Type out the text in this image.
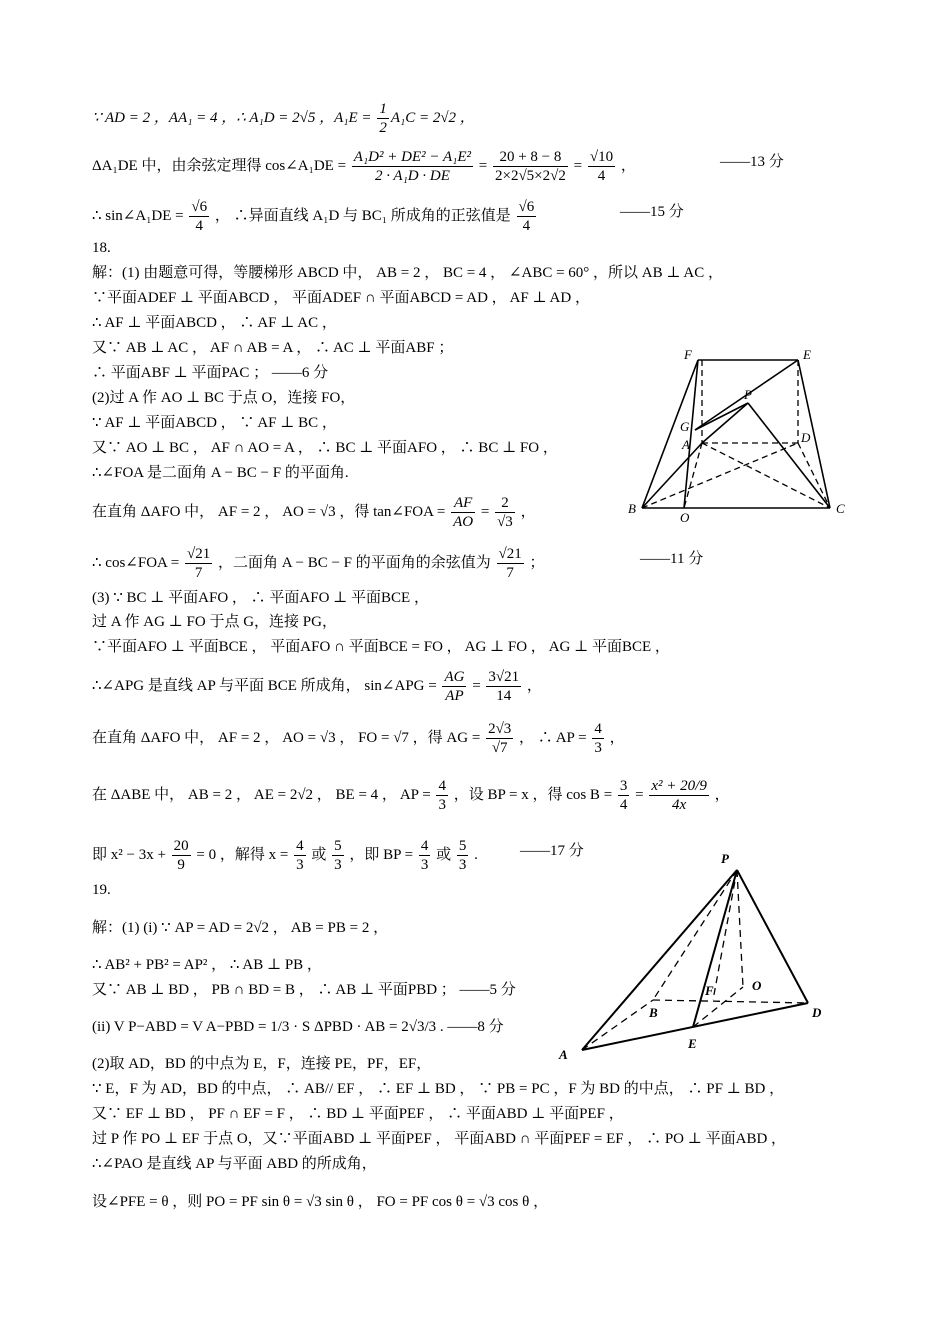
∵ AD = 2 ，AA₁ = 4 ，∴ A₁D = 2√5 ，$A_1E = \frac{1}{2} A_1C = 2√2$ ，
ΔA₁DE 中，由余弦定理得 cos∠A₁DE = $\frac{\text{A₁D² + DE² − A₁E²}}{\text{2 · A₁D · DE}} = \frac{20 + 8 - 8}{2\times 2√5\times 2√2} = \frac{√10}{4}$ ，	——13 分
∴ sin∠A₁DE = $\frac{√6}{4}$ ， ∴异面直线 A₁D 与 BC₁ 所成角的正弦值是 $\frac{√6}{4}$	——15 分
18.
解：(1) 由题意可得，等腰梯形 ABCD 中， AB = 2 ， BC = 4 ， ∠ABC = 60° ，所以 AB ⊥ AC ，
∵平面ADEF ⊥ 平面ABCD ， 平面ADEF ∩ 平面ABCD = AD ， AF ⊥ AD ，
∴ AF ⊥ 平面ABCD ， ∴ AF ⊥ AC ，
又∵ AB ⊥ AC ， AF ∩ AB = A ， ∴ AC ⊥ 平面ABF ；
∴ 平面ABF ⊥ 平面PAC ； ——6 分
(2)过 A 作 AO ⊥ BC 于点 O，连接 FO，
∵ AF ⊥ 平面ABCD ， ∵ AF ⊥ BC ，
又∵ AO ⊥ BC ， AF ∩ AO = A ， ∴ BC ⊥ 平面AFO ， ∴ BC ⊥ FO ，
∴∠FOA 是二面角 A − BC − F 的平面角.
在直角 ΔAFO 中， AF = 2 ， AO = √3 ，得 tan∠FOA = $\frac{AF}{AO} = \frac{2}{√3}$ ，
∴ cos∠FOA = $\frac{√21}{7}$ ，二面角 A − BC − F 的平面角的余弦值为 $\frac{√21}{7}$ ；	——11 分
(3) ∵ BC ⊥ 平面AFO ， ∴ 平面AFO ⊥ 平面BCE ，
过 A 作 AG ⊥ FO 于点 G，连接 PG，
∵平面AFO ⊥ 平面BCE ， 平面AFO ∩ 平面BCE = FO ， AG ⊥ FO ， AG ⊥ 平面BCE ，
∴∠APG 是直线 AP 与平面 BCE 所成角， sin∠APG = $\frac{AG}{AP} = \frac{3√21}{14}$ ，
在直角 ΔAFO 中， AF = 2 ， AO = √3 ， FO = √7 ，得 AG = $\frac{2√3}{√7}$ ， ∴ AP = $\frac{4}{3}$ ，
在 ΔABE 中， AB = 2 ， AE = 2√2 ， BE = 4 ， AP = $\frac{4}{3}$ ，设 BP = x ，得 $\cos B = \frac{3}{4} = \frac{\text{x² + 20/9}}{4x}$ ，
即 $x^2 - 3x + \frac{20}{9} = 0$ ，解得 $x = \frac{4}{3}$ 或 $\frac{5}{3}$ ，即 BP = $\frac{4}{3}$ 或 $\frac{5}{3}$ .	——17 分
19.
解：(1) (i) ∵ AP = AD = 2√2 ， AB = PB = 2 ，
∴ AB² + PB² = AP² ， ∴ AB ⊥ PB ，
又∵ AB ⊥ BD ， PB ∩ BD = B ， ∴ AB ⊥ 平面PBD ； ——5 分
(ii) V P−ABD = V A−PBD = 1/3 · S ΔPBD · AB = 2√3/3 . ——8 分
(2)取 AD，BD 的中点为 E，F，连接 PE，PF，EF，
∵ E，F 为 AD，BD 的中点， ∴ AB// EF ， ∴ EF ⊥ BD ， ∵ PB = PC ，F 为 BD 的中点， ∴ PF ⊥ BD ，
又∵ EF ⊥ BD ， PF ∩ EF = F ， ∴ BD ⊥ 平面PEF ， ∴ 平面ABD ⊥ 平面PEF ，
过 P 作 PO ⊥ EF 于点 O，又∵平面ABD ⊥ 平面PEF ， 平面ABD ∩ 平面PEF = EF ， ∴ PO ⊥ 平面ABD ，
∴∠PAO 是直线 AP 与平面 ABD 的所成角，
设∠PFE = θ ，则 PO = PF sin θ = √3 sin θ ， FO = PF cos θ = √3 cos θ ，
F	E
P
G
A	D
B
O
C
P
O
F
B	D
E
A
